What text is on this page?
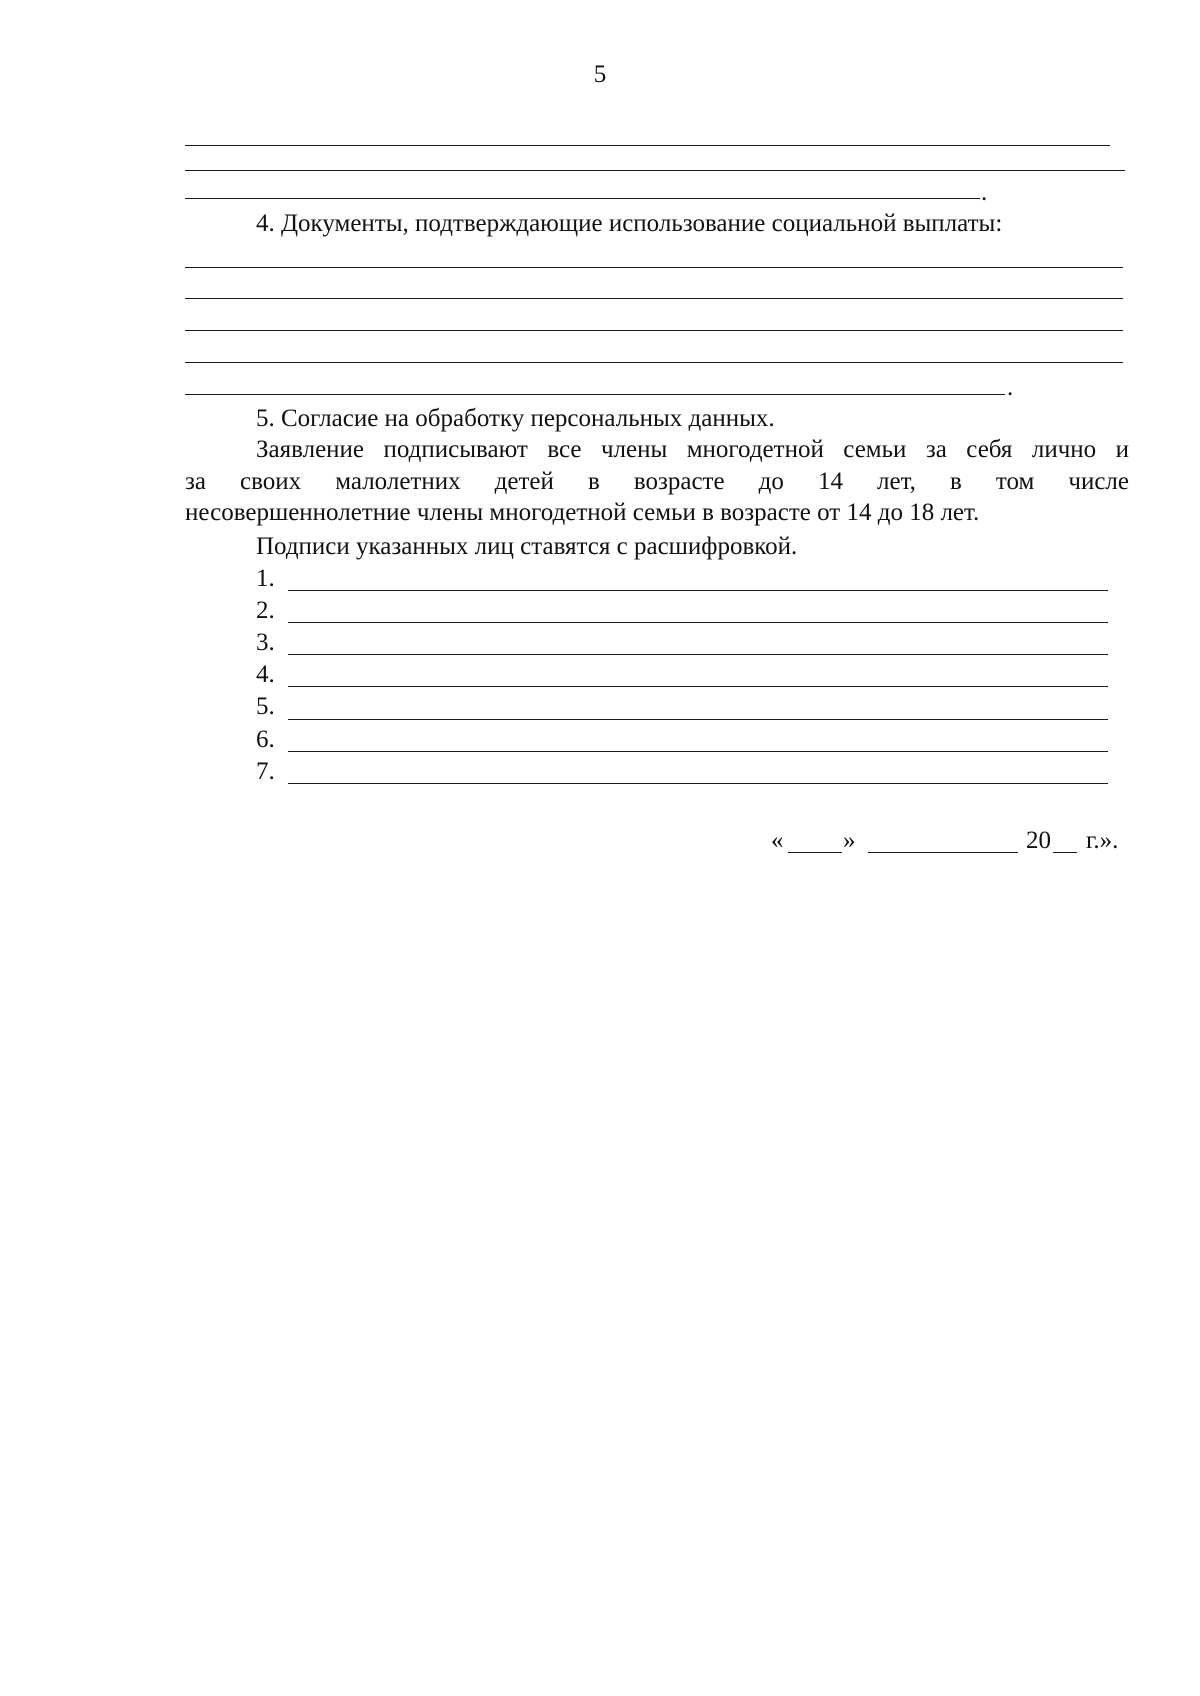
5
.
4. Документы, подтверждающие использование социальной выплаты:
.
5. Согласие на обработку персональных данных.
Заявление подписывают все члены многодетной семьи за себя лично и
за своих малолетних детей в возрасте до 14 лет, в том числе
несовершеннолетние члены многодетной семьи в возрасте от 14 до 18 лет.
Подписи указанных лиц ставятся с расшифровкой.
1.
2.
3.
4.
5.
6.
7.
« »	20 г.».
